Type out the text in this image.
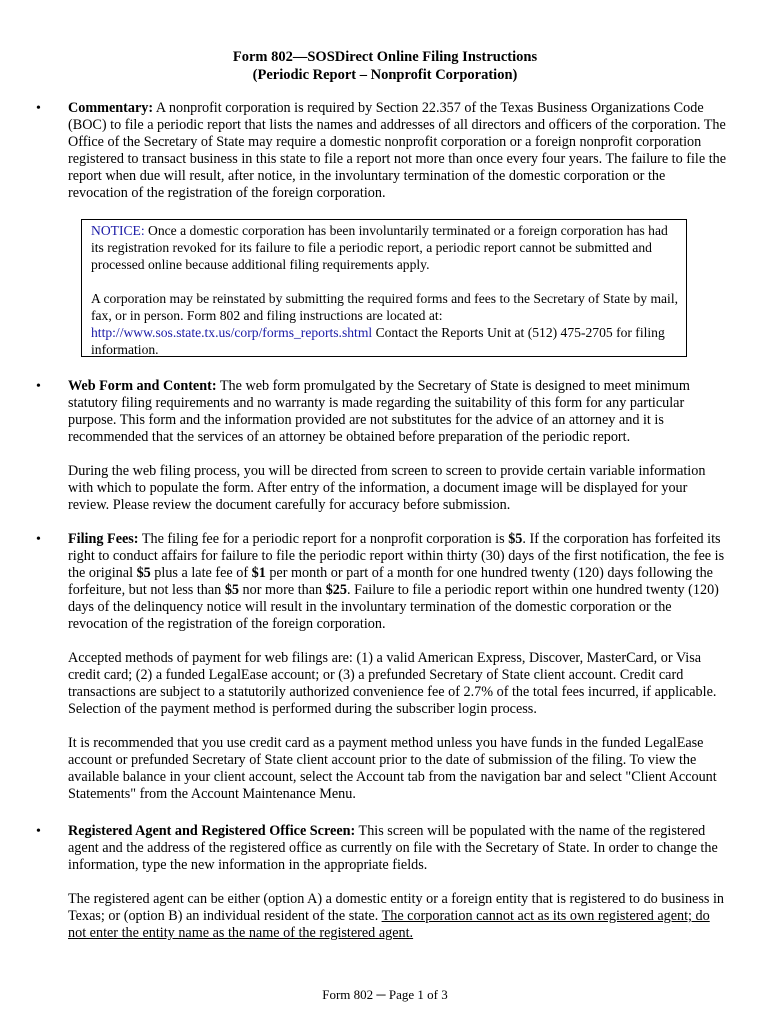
Form 802—SOSDirect Online Filing Instructions
(Periodic Report – Nonprofit Corporation)
• Commentary: A nonprofit corporation is required by Section 22.357 of the Texas Business Organizations Code (BOC) to file a periodic report that lists the names and addresses of all directors and officers of the corporation. The Office of the Secretary of State may require a domestic nonprofit corporation or a foreign nonprofit corporation registered to transact business in this state to file a report not more than once every four years. The failure to file the report when due will result, after notice, in the involuntary termination of the domestic corporation or the revocation of the registration of the foreign corporation.

NOTICE: Once a domestic corporation has been involuntarily terminated or a foreign corporation has had its registration revoked for its failure to file a periodic report, a periodic report cannot be submitted and processed online because additional filing requirements apply.

A corporation may be reinstated by submitting the required forms and fees to the Secretary of State by mail, fax, or in person. Form 802 and filing instructions are located at: http://www.sos.state.tx.us/corp/forms_reports.shtml Contact the Reports Unit at (512) 475-2705 for filing information.

• Web Form and Content: The web form promulgated by the Secretary of State is designed to meet minimum statutory filing requirements and no warranty is made regarding the suitability of this form for any particular purpose. This form and the information provided are not substitutes for the advice of an attorney and it is recommended that the services of an attorney be obtained before preparation of the periodic report.

During the web filing process, you will be directed from screen to screen to provide certain variable information with which to populate the form. After entry of the information, a document image will be displayed for your review. Please review the document carefully for accuracy before submission.

• Filing Fees: The filing fee for a periodic report for a nonprofit corporation is $5. If the corporation has forfeited its right to conduct affairs for failure to file the periodic report within thirty (30) days of the first notification, the fee is the original $5 plus a late fee of $1 per month or part of a month for one hundred twenty (120) days following the forfeiture, but not less than $5 nor more than $25. Failure to file a periodic report within one hundred twenty (120) days of the delinquency notice will result in the involuntary termination of the domestic corporation or the revocation of the registration of the foreign corporation.

Accepted methods of payment for web filings are: (1) a valid American Express, Discover, MasterCard, or Visa credit card; (2) a funded LegalEase account; or (3) a prefunded Secretary of State client account. Credit card transactions are subject to a statutorily authorized convenience fee of 2.7% of the total fees incurred, if applicable. Selection of the payment method is performed during the subscriber login process.

It is recommended that you use credit card as a payment method unless you have funds in the funded LegalEase account or prefunded Secretary of State client account prior to the date of submission of the filing. To view the available balance in your client account, select the Account tab from the navigation bar and select "Client Account Statements" from the Account Maintenance Menu.

• Registered Agent and Registered Office Screen: This screen will be populated with the name of the registered agent and the address of the registered office as currently on file with the Secretary of State. In order to change the information, type the new information in the appropriate fields.

The registered agent can be either (option A) a domestic entity or a foreign entity that is registered to do business in Texas; or (option B) an individual resident of the state. The corporation cannot act as its own registered agent; do not enter the entity name as the name of the registered agent.

Form 802 ─ Page 1 of 3
